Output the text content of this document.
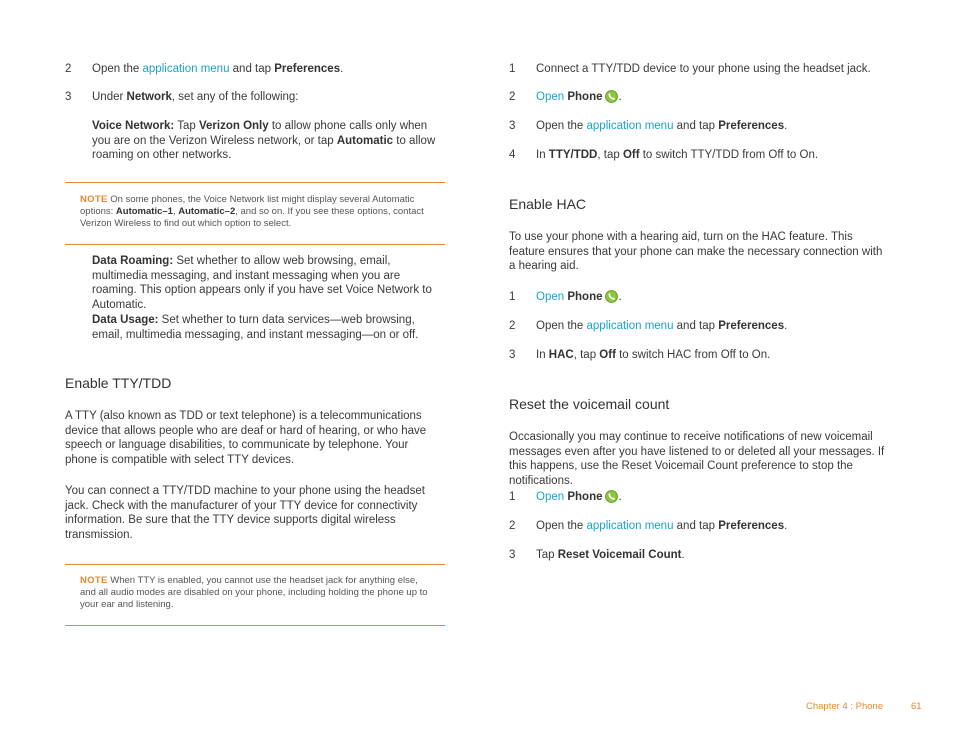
2 Open the application menu and tap Preferences.
3 Under Network, set any of the following:
Voice Network: Tap Verizon Only to allow phone calls only when you are on the Verizon Wireless network, or tap Automatic to allow roaming on other networks.
NOTE On some phones, the Voice Network list might display several Automatic options: Automatic–1, Automatic–2, and so on. If you see these options, contact Verizon Wireless to find out which option to select.
Data Roaming: Set whether to allow web browsing, email, multimedia messaging, and instant messaging when you are roaming. This option appears only if you have set Voice Network to Automatic.
Data Usage: Set whether to turn data services—web browsing, email, multimedia messaging, and instant messaging—on or off.
Enable TTY/TDD
A TTY (also known as TDD or text telephone) is a telecommunications device that allows people who are deaf or hard of hearing, or who have speech or language disabilities, to communicate by telephone. Your phone is compatible with select TTY devices.
You can connect a TTY/TDD machine to your phone using the headset jack. Check with the manufacturer of your TTY device for connectivity information. Be sure that the TTY device supports digital wireless transmission.
NOTE When TTY is enabled, you cannot use the headset jack for anything else, and all audio modes are disabled on your phone, including holding the phone up to your ear and listening.
1 Connect a TTY/TDD device to your phone using the headset jack.
2 Open Phone .
3 Open the application menu and tap Preferences.
4 In TTY/TDD, tap Off to switch TTY/TDD from Off to On.
Enable HAC
To use your phone with a hearing aid, turn on the HAC feature. This feature ensures that your phone can make the necessary connection with a hearing aid.
1 Open Phone .
2 Open the application menu and tap Preferences.
3 In HAC, tap Off to switch HAC from Off to On.
Reset the voicemail count
Occasionally you may continue to receive notifications of new voicemail messages even after you have listened to or deleted all your messages. If this happens, use the Reset Voicemail Count preference to stop the notifications.
1 Open Phone .
2 Open the application menu and tap Preferences.
3 Tap Reset Voicemail Count.
Chapter 4 : Phone	61
